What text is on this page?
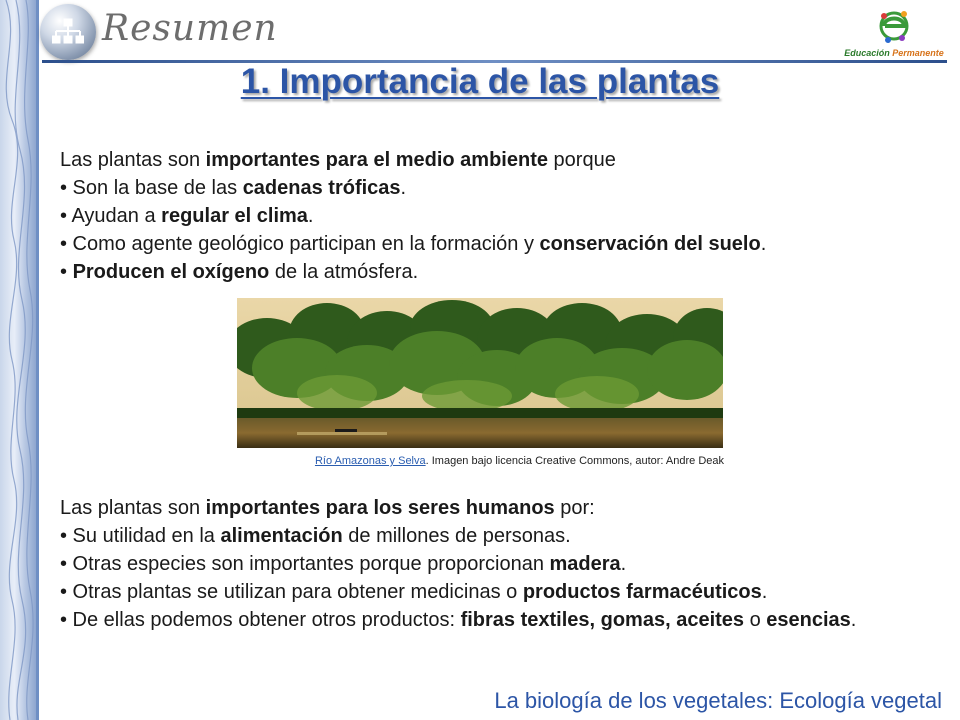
Resumen
Educación Permanente
1. Importancia de las plantas

Las plantas son importantes para el medio ambiente porque

• Son la base de las cadenas tróficas.

• Ayudan a regular el clima.

• Como agente geológico participan en la formación y conservación del suelo.

• Producen el oxígeno de la atmósfera.

Río Amazonas y Selva. Imagen bajo licencia Creative Commons, autor: Andre Deak

Las plantas son importantes para los seres humanos por:

• Su utilidad en la alimentación de millones de personas.

• Otras especies son importantes porque proporcionan madera.

• Otras plantas se utilizan para obtener medicinas o productos farmacéuticos.

• De ellas podemos obtener otros productos: fibras textiles, gomas, aceites o esencias.

La biología de los vegetales: Ecología vegetal
